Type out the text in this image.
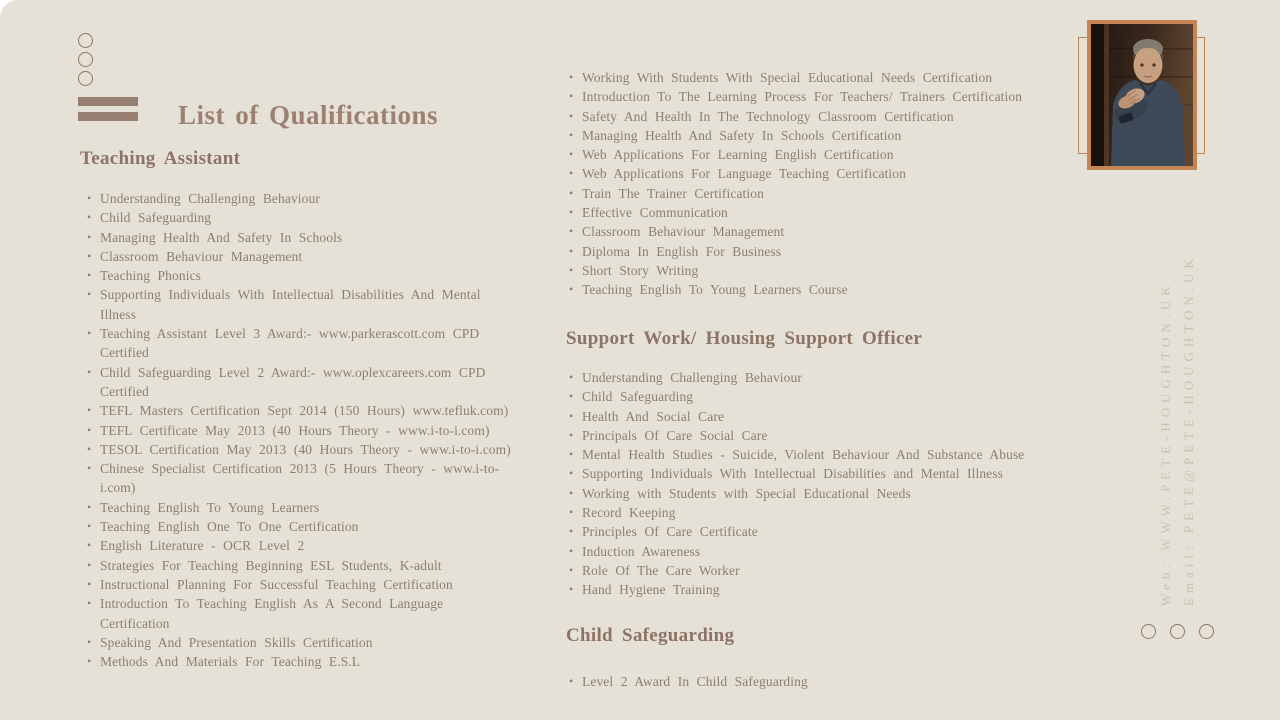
List of Qualifications
Teaching Assistant
• Understanding Challenging Behaviour
• Child Safeguarding
• Managing Health And Safety In Schools
• Classroom Behaviour Management
• Teaching Phonics
• Supporting Individuals With Intellectual Disabilities And Mental Illness
• Teaching Assistant Level 3 Award:- www.parkerascott.com CPD Certified
• Child Safeguarding Level 2 Award:- www.oplexcareers.com CPD Certified
• TEFL Masters Certification Sept 2014 (150 Hours) www.tefluk.com)
• TEFL Certificate May 2013 (40 Hours Theory - www.i-to-i.com)
• TESOL Certification May 2013 (40 Hours Theory - www.i-to-i.com)
• Chinese Specialist Certification 2013 (5 Hours Theory - www.i-to-i.com)
• Teaching English To Young Learners
• Teaching English One To One Certification
• English Literature - OCR Level 2
• Strategies For Teaching Beginning ESL Students, K-adult
• Instructional Planning For Successful Teaching Certification
• Introduction To Teaching English As A Second Language Certification
• Speaking And Presentation Skills Certification
• Methods And Materials For Teaching E.S.L
• Working With Students With Special Educational Needs Certification
• Introduction To The Learning Process For Teachers/ Trainers Certification
• Safety And Health In The Technology Classroom Certification
• Managing Health And Safety In Schools Certification
• Web Applications For Learning English Certification
• Web Applications For Language Teaching Certification
• Train The Trainer Certification
• Effective Communication
• Classroom Behaviour Management
• Diploma In English For Business
• Short Story Writing
• Teaching English To Young Learners Course
Support Work/ Housing Support Officer
• Understanding Challenging Behaviour
• Child Safeguarding
• Health And Social Care
• Principals Of Care Social Care
• Mental Health Studies - Suicide, Violent Behaviour And Substance Abuse
• Supporting Individuals With Intellectual Disabilities and Mental Illness
• Working with Students with Special Educational Needs
• Record Keeping
• Principles Of Care Certificate
• Induction Awareness
• Role Of The Care Worker
• Hand Hygiene Training
Child Safeguarding
• Level 2 Award In Child Safeguarding
Web: WWW.PETE-HOUGHTON.UK Email: PETE@PETE-HOUGHTON.UK
